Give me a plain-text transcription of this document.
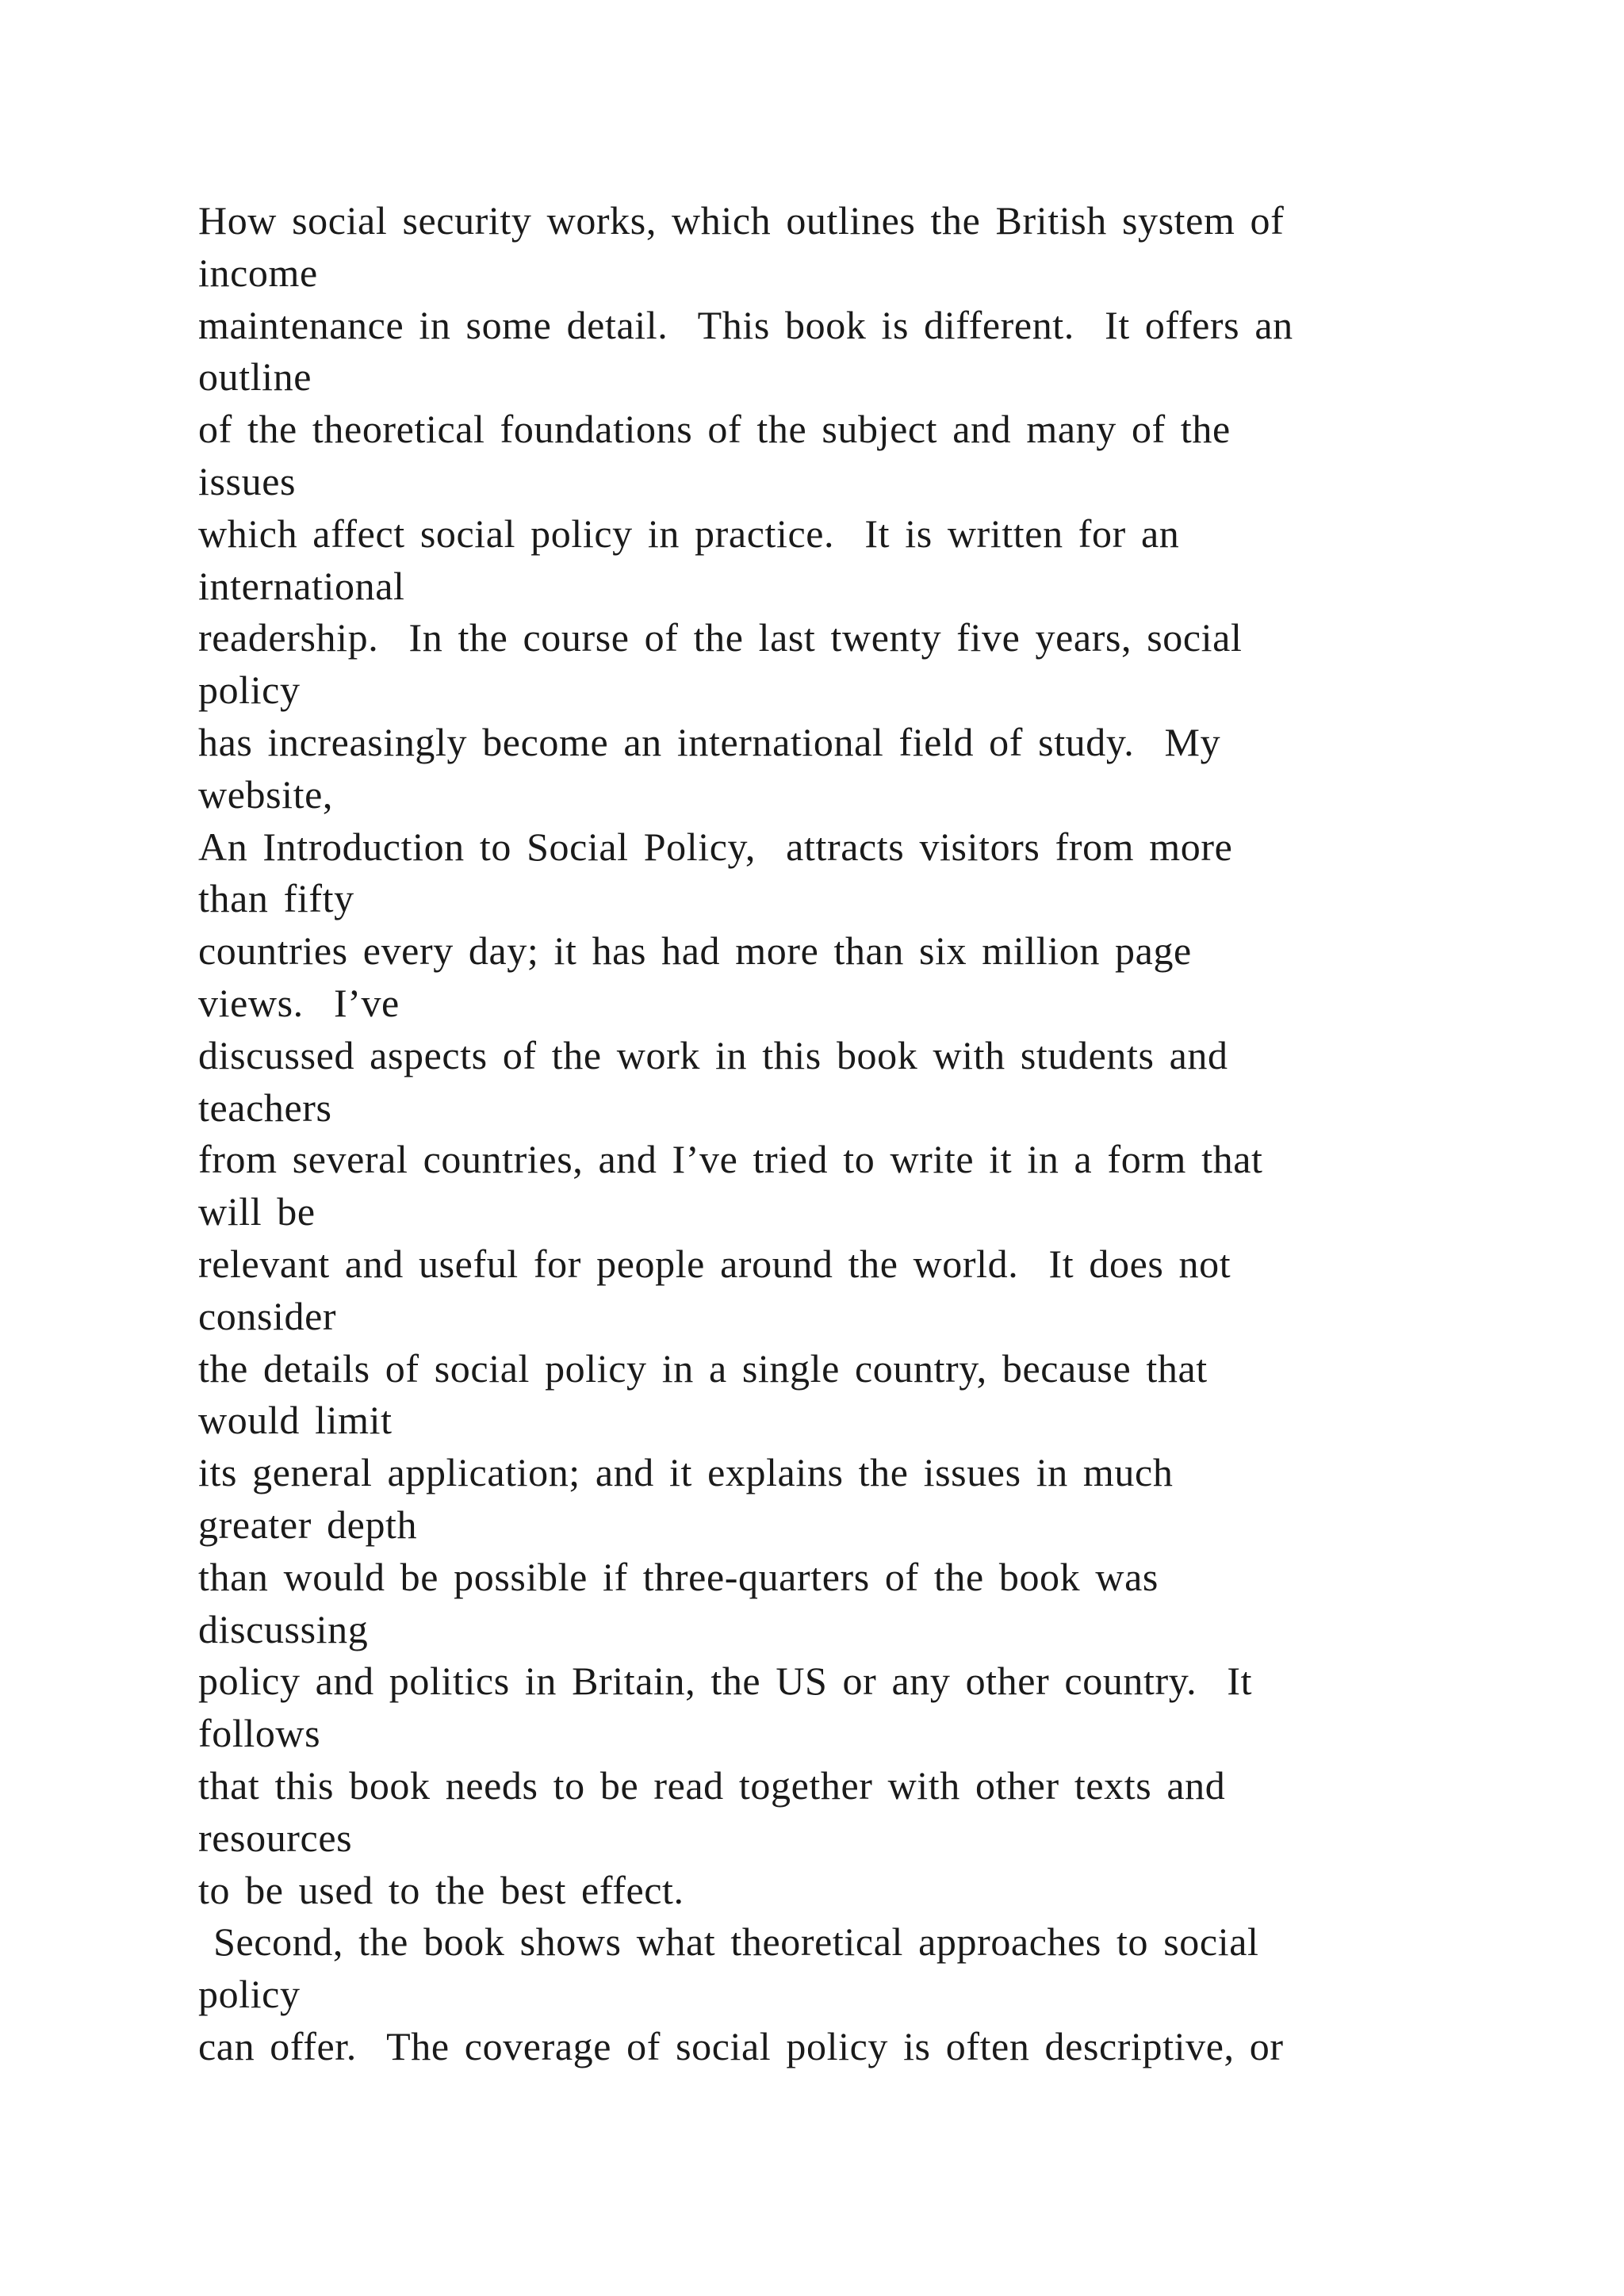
How social security works, which outlines the British system of
income
maintenance in some detail.  This book is different.  It offers an
outline
of the theoretical foundations of the subject and many of the
issues
which affect social policy in practice.  It is written for an
international
readership.  In the course of the last twenty five years, social
policy
has increasingly become an international field of study.  My
website,
An Introduction to Social Policy,  attracts visitors from more
than fifty
countries every day; it has had more than six million page
views.  I’ve
discussed aspects of the work in this book with students and
teachers
from several countries, and I’ve tried to write it in a form that
will be
relevant and useful for people around the world.  It does not
consider
the details of social policy in a single country, because that
would limit
its general application; and it explains the issues in much
greater depth
than would be possible if three-quarters of the book was
discussing
policy and politics in Britain, the US or any other country.  It
follows
that this book needs to be read together with other texts and
resources
to be used to the best effect.
Second, the book shows what theoretical approaches to social
policy
can offer.  The coverage of social policy is often descriptive, or
